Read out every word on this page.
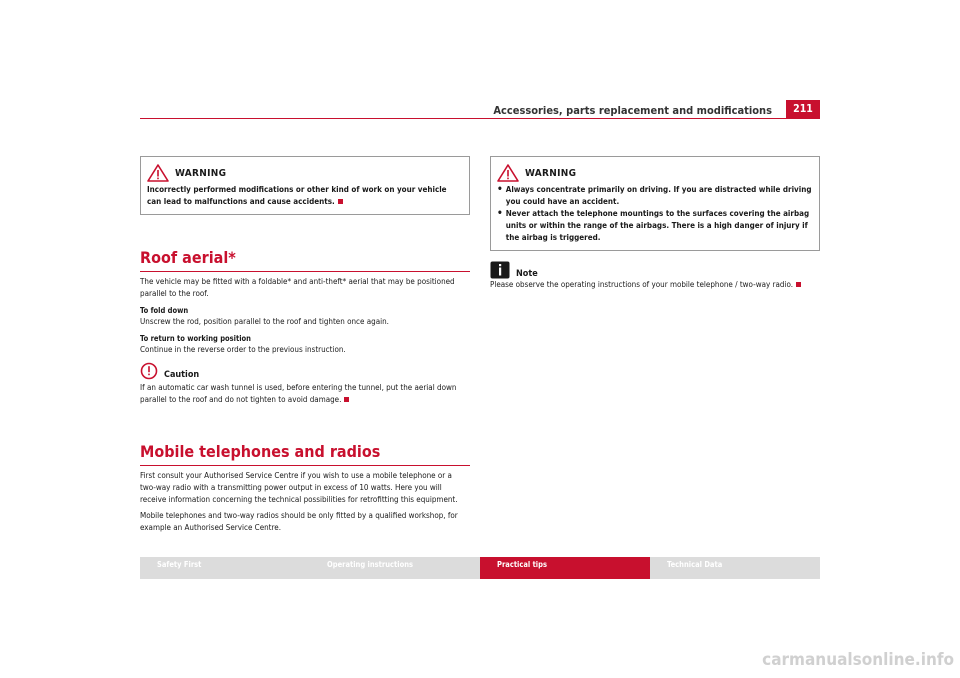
Accessories, parts replacement and modifications	211
WARNING
Incorrectly performed modifications or other kind of work on your vehicle can lead to malfunctions and cause accidents.
Roof aerial*
The vehicle may be fitted with a foldable* and anti-theft* aerial that may be positioned parallel to the roof.
To fold down
Unscrew the rod, position parallel to the roof and tighten once again.
To return to working position
Continue in the reverse order to the previous instruction.
Caution
If an automatic car wash tunnel is used, before entering the tunnel, put the aerial down parallel to the roof and do not tighten to avoid damage.
Mobile telephones and radios
First consult your Authorised Service Centre if you wish to use a mobile telephone or a two-way radio with a transmitting power output in excess of 10 watts. Here you will receive information concerning the technical possibilities for retrofitting this equipment.
Mobile telephones and two-way radios should be only fitted by a qualified workshop, for example an Authorised Service Centre.
WARNING
• Always concentrate primarily on driving. If you are distracted while driving you could have an accident.
• Never attach the telephone mountings to the surfaces covering the airbag units or within the range of the airbags. There is a high danger of injury if the airbag is triggered.
Note
Please observe the operating instructions of your mobile telephone / two-way radio.
Safety First	Operating instructions	Practical tips	Technical Data
carmanualsonline.info
